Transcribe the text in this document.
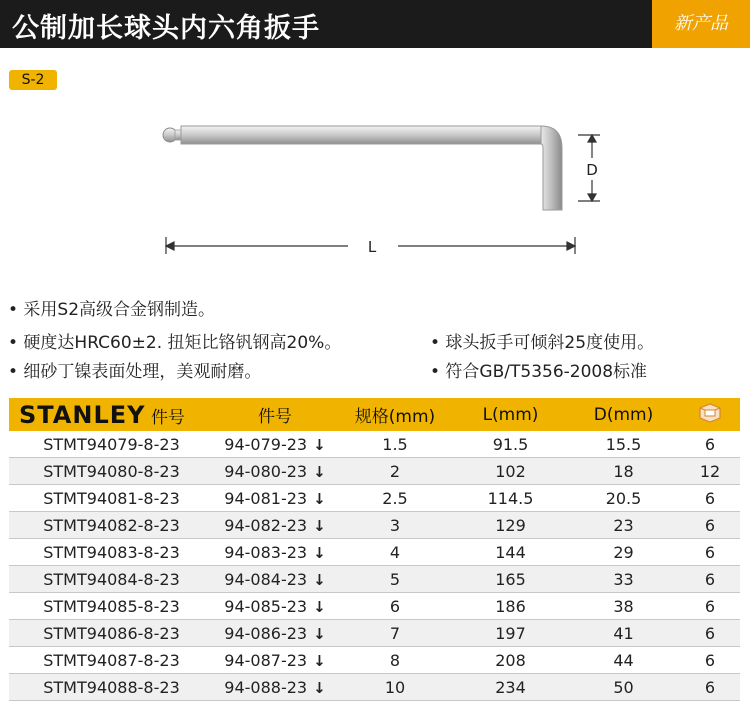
公制加长球头内六角扳手	新产品
S-2
D
L
• 采用S2高级合金钢制造。
• 硬度达HRC60±2. 扭矩比铬钒钢高20%。
• 细砂丁镍表面处理，美观耐磨。
• 球头扳手可倾斜25度使用。
• 符合GB/T5356-2008标准
STANLEY 件号	件号	规格(mm)	L(mm)	D(mm)	
STMT94079-8-23	94-079-23 ↓	1.5	91.5	15.5	6
STMT94080-8-23	94-080-23 ↓	2	102	18	12
STMT94081-8-23	94-081-23 ↓	2.5	114.5	20.5	6
STMT94082-8-23	94-082-23 ↓	3	129	23	6
STMT94083-8-23	94-083-23 ↓	4	144	29	6
STMT94084-8-23	94-084-23 ↓	5	165	33	6
STMT94085-8-23	94-085-23 ↓	6	186	38	6
STMT94086-8-23	94-086-23 ↓	7	197	41	6
STMT94087-8-23	94-087-23 ↓	8	208	44	6
STMT94088-8-23	94-088-23 ↓	10	234	50	6
